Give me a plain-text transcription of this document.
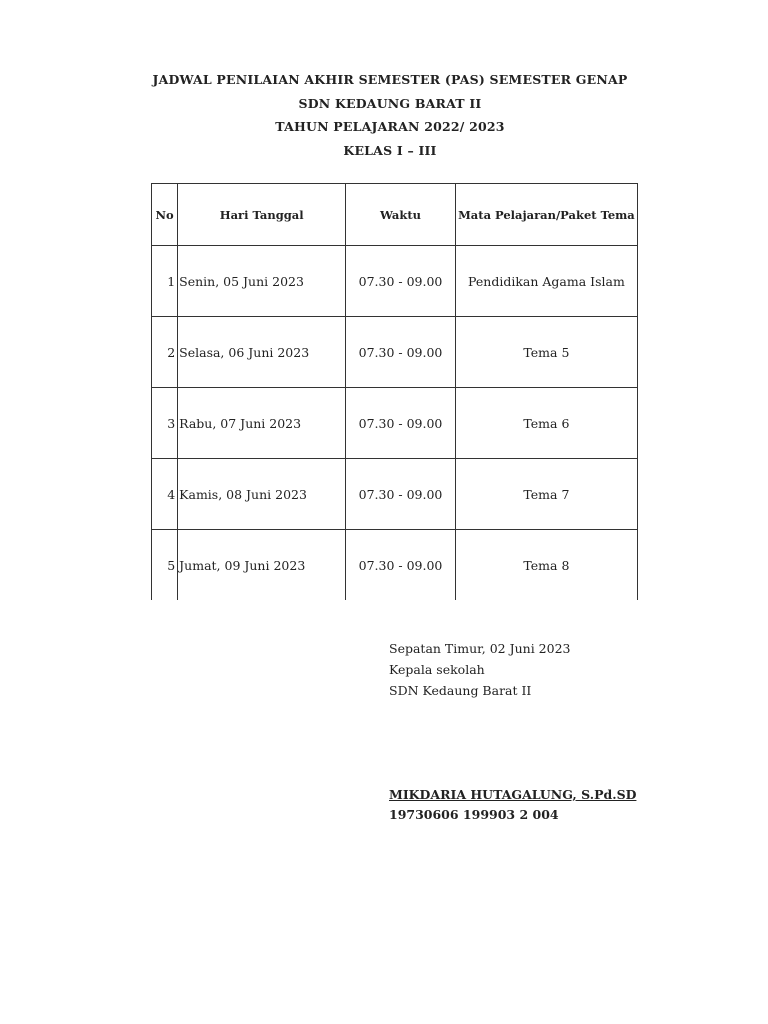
JADWAL PENILAIAN AKHIR SEMESTER (PAS) SEMESTER GENAP
SDN KEDAUNG BARAT II
TAHUN PELAJARAN 2022/ 2023
KELAS I – III
No	Hari Tanggal	Waktu	Mata Pelajaran/Paket Tema
1	Senin, 05 Juni 2023	07.30 - 09.00	Pendidikan Agama Islam
2	Selasa, 06 Juni 2023	07.30 - 09.00	Tema 5
3	Rabu, 07 Juni 2023	07.30 - 09.00	Tema 6
4	Kamis, 08 Juni 2023	07.30 - 09.00	Tema 7
5	Jumat, 09 Juni 2023	07.30 - 09.00	Tema 8
Sepatan Timur, 02 Juni 2023
Kepala sekolah
SDN Kedaung Barat II
MIKDARIA HUTAGALUNG, S.Pd.SD
19730606 199903 2 004
